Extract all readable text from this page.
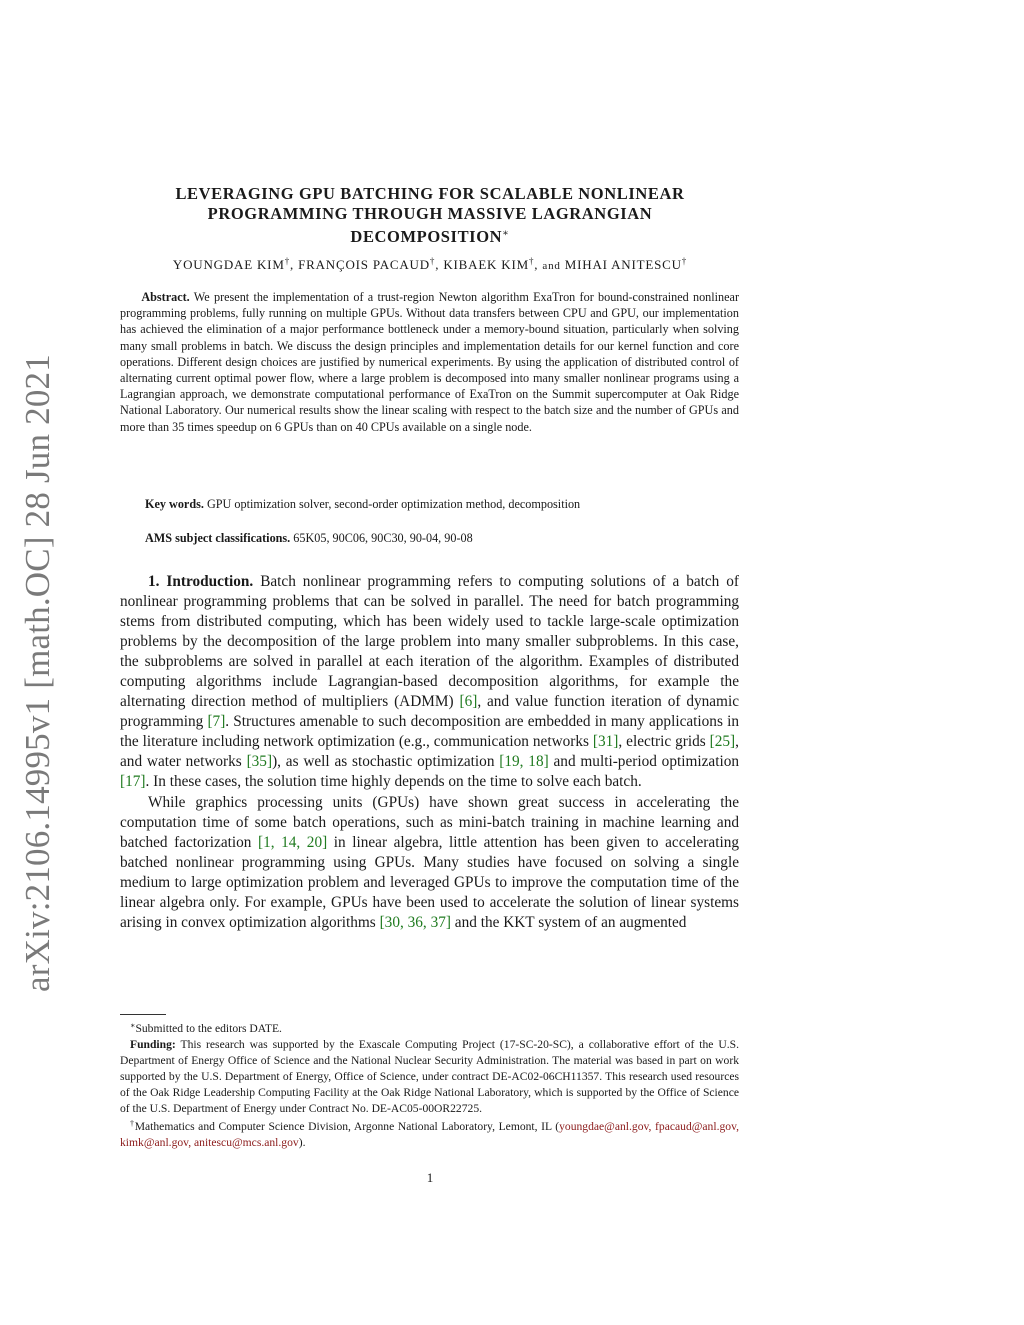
arXiv:2106.14995v1 [math.OC] 28 Jun 2021
LEVERAGING GPU BATCHING FOR SCALABLE NONLINEAR
PROGRAMMING THROUGH MASSIVE LAGRANGIAN
DECOMPOSITION∗
YOUNGDAE KIM†, FRANÇOIS PACAUD†, KIBAEK KIM†, and MIHAI ANITESCU†
Abstract. We present the implementation of a trust-region Newton algorithm ExaTron for bound-constrained nonlinear programming problems, fully running on multiple GPUs. Without data transfers between CPU and GPU, our implementation has achieved the elimination of a major performance bottleneck under a memory-bound situation, particularly when solving many small problems in batch. We discuss the design principles and implementation details for our kernel function and core operations. Different design choices are justified by numerical experiments. By using the application of distributed control of alternating current optimal power flow, where a large problem is decomposed into many smaller nonlinear programs using a Lagrangian approach, we demonstrate computational performance of ExaTron on the Summit supercomputer at Oak Ridge National Laboratory. Our numerical results show the linear scaling with respect to the batch size and the number of GPUs and more than 35 times speedup on 6 GPUs than on 40 CPUs available on a single node.
Key words. GPU optimization solver, second-order optimization method, decomposition
AMS subject classifications. 65K05, 90C06, 90C30, 90-04, 90-08

1. Introduction. Batch nonlinear programming refers to computing solutions of a batch of nonlinear programming problems that can be solved in parallel. The need for batch programming stems from distributed computing, which has been widely used to tackle large-scale optimization problems by the decomposition of the large problem into many smaller subproblems. In this case, the subproblems are solved in parallel at each iteration of the algorithm. Examples of distributed computing algorithms include Lagrangian-based decomposition algorithms, for example the alternating direction method of multipliers (ADMM) [6], and value function iteration of dynamic programming [7]. Structures amenable to such decomposition are embedded in many applications in the literature including network optimization (e.g., communication networks [31], electric grids [25], and water networks [35]), as well as stochastic optimization [19, 18] and multi-period optimization [17]. In these cases, the solution time highly depends on the time to solve each batch.

While graphics processing units (GPUs) have shown great success in accelerating the computation time of some batch operations, such as mini-batch training in machine learning and batched factorization [1, 14, 20] in linear algebra, little attention has been given to accelerating batched nonlinear programming using GPUs. Many studies have focused on solving a single medium to large optimization problem and leveraged GPUs to improve the computation time of the linear algebra only. For example, GPUs have been used to accelerate the solution of linear systems arising in convex optimization algorithms [30, 36, 37] and the KKT system of an augmented

∗Submitted to the editors DATE.

Funding: This research was supported by the Exascale Computing Project (17-SC-20-SC), a collaborative effort of the U.S. Department of Energy Office of Science and the National Nuclear Security Administration. The material was based in part on work supported by the U.S. Department of Energy, Office of Science, under contract DE-AC02-06CH11357. This research used resources of the Oak Ridge Leadership Computing Facility at the Oak Ridge National Laboratory, which is supported by the Office of Science of the U.S. Department of Energy under Contract No. DE-AC05-00OR22725.

†Mathematics and Computer Science Division, Argonne National Laboratory, Lemont, IL (youngdae@anl.gov, fpacaud@anl.gov, kimk@anl.gov, anitescu@mcs.anl.gov).

1
